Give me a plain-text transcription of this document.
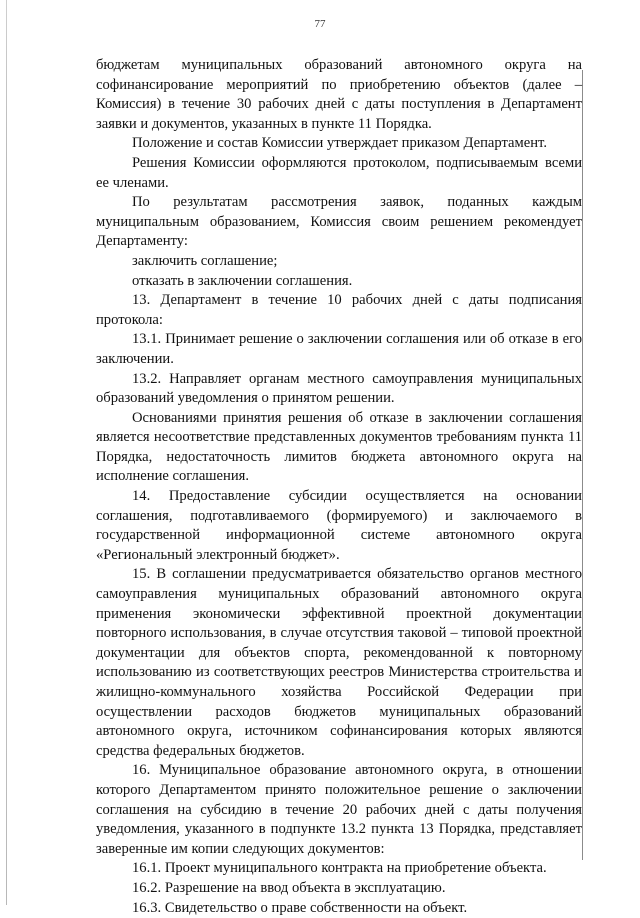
77

бюджетам муниципальных образований автономного округа на софинансирование мероприятий по приобретению объектов (далее – Комиссия) в течение 30 рабочих дней с даты поступления в Департамент заявки и документов, указанных в пункте 11 Порядка.

Положение и состав Комиссии утверждает приказом Департамент.

Решения Комиссии оформляются протоколом, подписываемым всеми ее членами.

По результатам рассмотрения заявок, поданных каждым муниципальным образованием, Комиссия своим решением рекомендует Департаменту:

заключить соглашение;

отказать в заключении соглашения.

13. Департамент в течение 10 рабочих дней с даты подписания протокола:

13.1. Принимает решение о заключении соглашения или об отказе в его заключении.

13.2. Направляет органам местного самоуправления муниципальных образований уведомления о принятом решении.

Основаниями принятия решения об отказе в заключении соглашения является несоответствие представленных документов требованиям пункта 11 Порядка, недостаточность лимитов бюджета автономного округа на исполнение соглашения.

14. Предоставление субсидии осуществляется на основании соглашения, подготавливаемого (формируемого) и заключаемого в государственной информационной системе автономного округа «Региональный электронный бюджет».

15. В соглашении предусматривается обязательство органов местного самоуправления муниципальных образований автономного округа применения экономически эффективной проектной документации повторного использования, в случае отсутствия таковой – типовой проектной документации для объектов спорта, рекомендованной к повторному использованию из соответствующих реестров Министерства строительства и жилищно-коммунального хозяйства Российской Федерации при осуществлении расходов бюджетов муниципальных образований автономного округа, источником софинансирования которых являются средства федеральных бюджетов.

16. Муниципальное образование автономного округа, в отношении которого Департаментом принято положительное решение о заключении соглашения на субсидию в течение 20 рабочих дней с даты получения уведомления, указанного в подпункте 13.2 пункта 13 Порядка, представляет заверенные им копии следующих документов:

16.1. Проект муниципального контракта на приобретение объекта.

16.2. Разрешение на ввод объекта в эксплуатацию.

16.3. Свидетельство о праве собственности на объект.
